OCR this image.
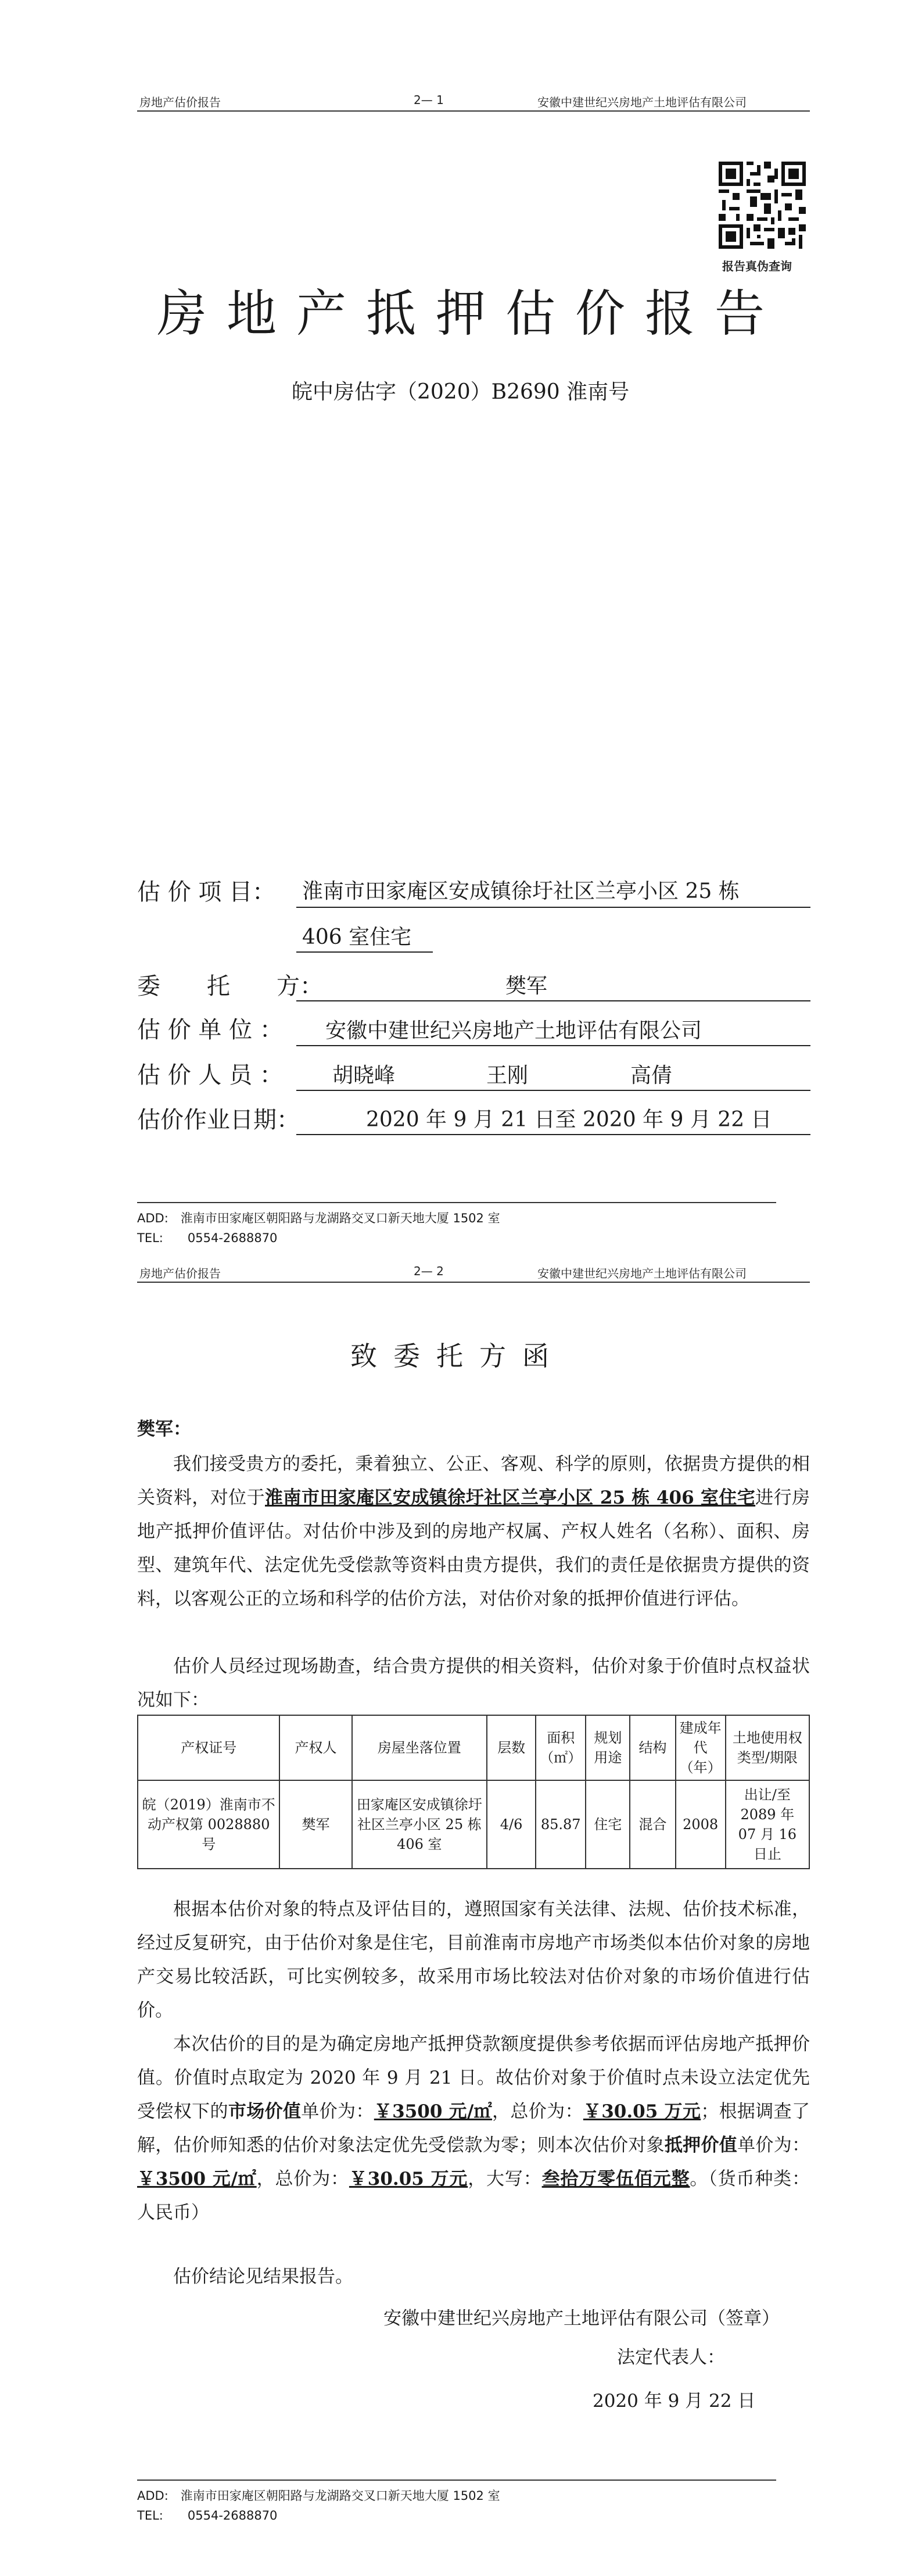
房地产估价报告	2— 1	安徽中建世纪兴房地产土地评估有限公司
报告真伪查询
房地产抵押估价报告
皖中房估字（2020）B2690 淮南号
估 价 项 目： 淮南市田家庵区安成镇徐圩社区兰亭小区 25 栋
406 室住宅
委　　托　　方：	樊军
估 价 单 位 ： 安徽中建世纪兴房地产土地评估有限公司
估 价 人 员 ： 胡晓峰	王刚	高倩
估价作业日期：	2020 年 9 月 21 日至 2020 年 9 月 22 日
ADD:　淮南市田家庵区朝阳路与龙湖路交叉口新天地大厦 1502 室
TEL:　　0554-2688870
房地产估价报告	2— 2	安徽中建世纪兴房地产土地评估有限公司
致委托方函
樊军：
我们接受贵方的委托，秉着独立、公正、客观、科学的原则，依据贵方提供的相关资料，对位于淮南市田家庵区安成镇徐圩社区兰亭小区 25 栋 406 室住宅进行房地产抵押价值评估。对估价中涉及到的房地产权属、产权人姓名（名称）、面积、房型、建筑年代、法定优先受偿款等资料由贵方提供，我们的责任是依据贵方提供的资料，以客观公正的立场和科学的估价方法，对估价对象的抵押价值进行评估。
估价人员经过现场勘查，结合贵方提供的相关资料，估价对象于价值时点权益状况如下：
产权证号	产权人	房屋坐落位置	层数	面积（㎡）	规划用途	结构	建成年代（年）	土地使用权类型/期限
皖（2019）淮南市不动产权第 0028880 号	樊军	田家庵区安成镇徐圩社区兰亭小区 25 栋 406 室	4/6	85.87	住宅	混合	2008	出让/至 2089 年 07 月 16 日止
根据本估价对象的特点及评估目的，遵照国家有关法律、法规、估价技术标准，经过反复研究，由于估价对象是住宅，目前淮南市房地产市场类似本估价对象的房地产交易比较活跃，可比实例较多，故采用市场比较法对估价对象的市场价值进行估价。
本次估价的目的是为确定房地产抵押贷款额度提供参考依据而评估房地产抵押价值。价值时点取定为 2020 年 9 月 21 日。故估价对象于价值时点未设立法定优先受偿权下的市场价值单价为：￥3500 元/㎡，总价为：￥30.05 万元；根据调查了解，估价师知悉的估价对象法定优先受偿款为零；则本次估价对象抵押价值单价为：￥3500 元/㎡，总价为：￥30.05 万元，大写：叁拾万零伍佰元整。（货币种类：人民币）
估价结论见结果报告。
安徽中建世纪兴房地产土地评估有限公司（签章）
法定代表人：
2020 年 9 月 22 日
ADD:　淮南市田家庵区朝阳路与龙湖路交叉口新天地大厦 1502 室
TEL:　　0554-2688870
